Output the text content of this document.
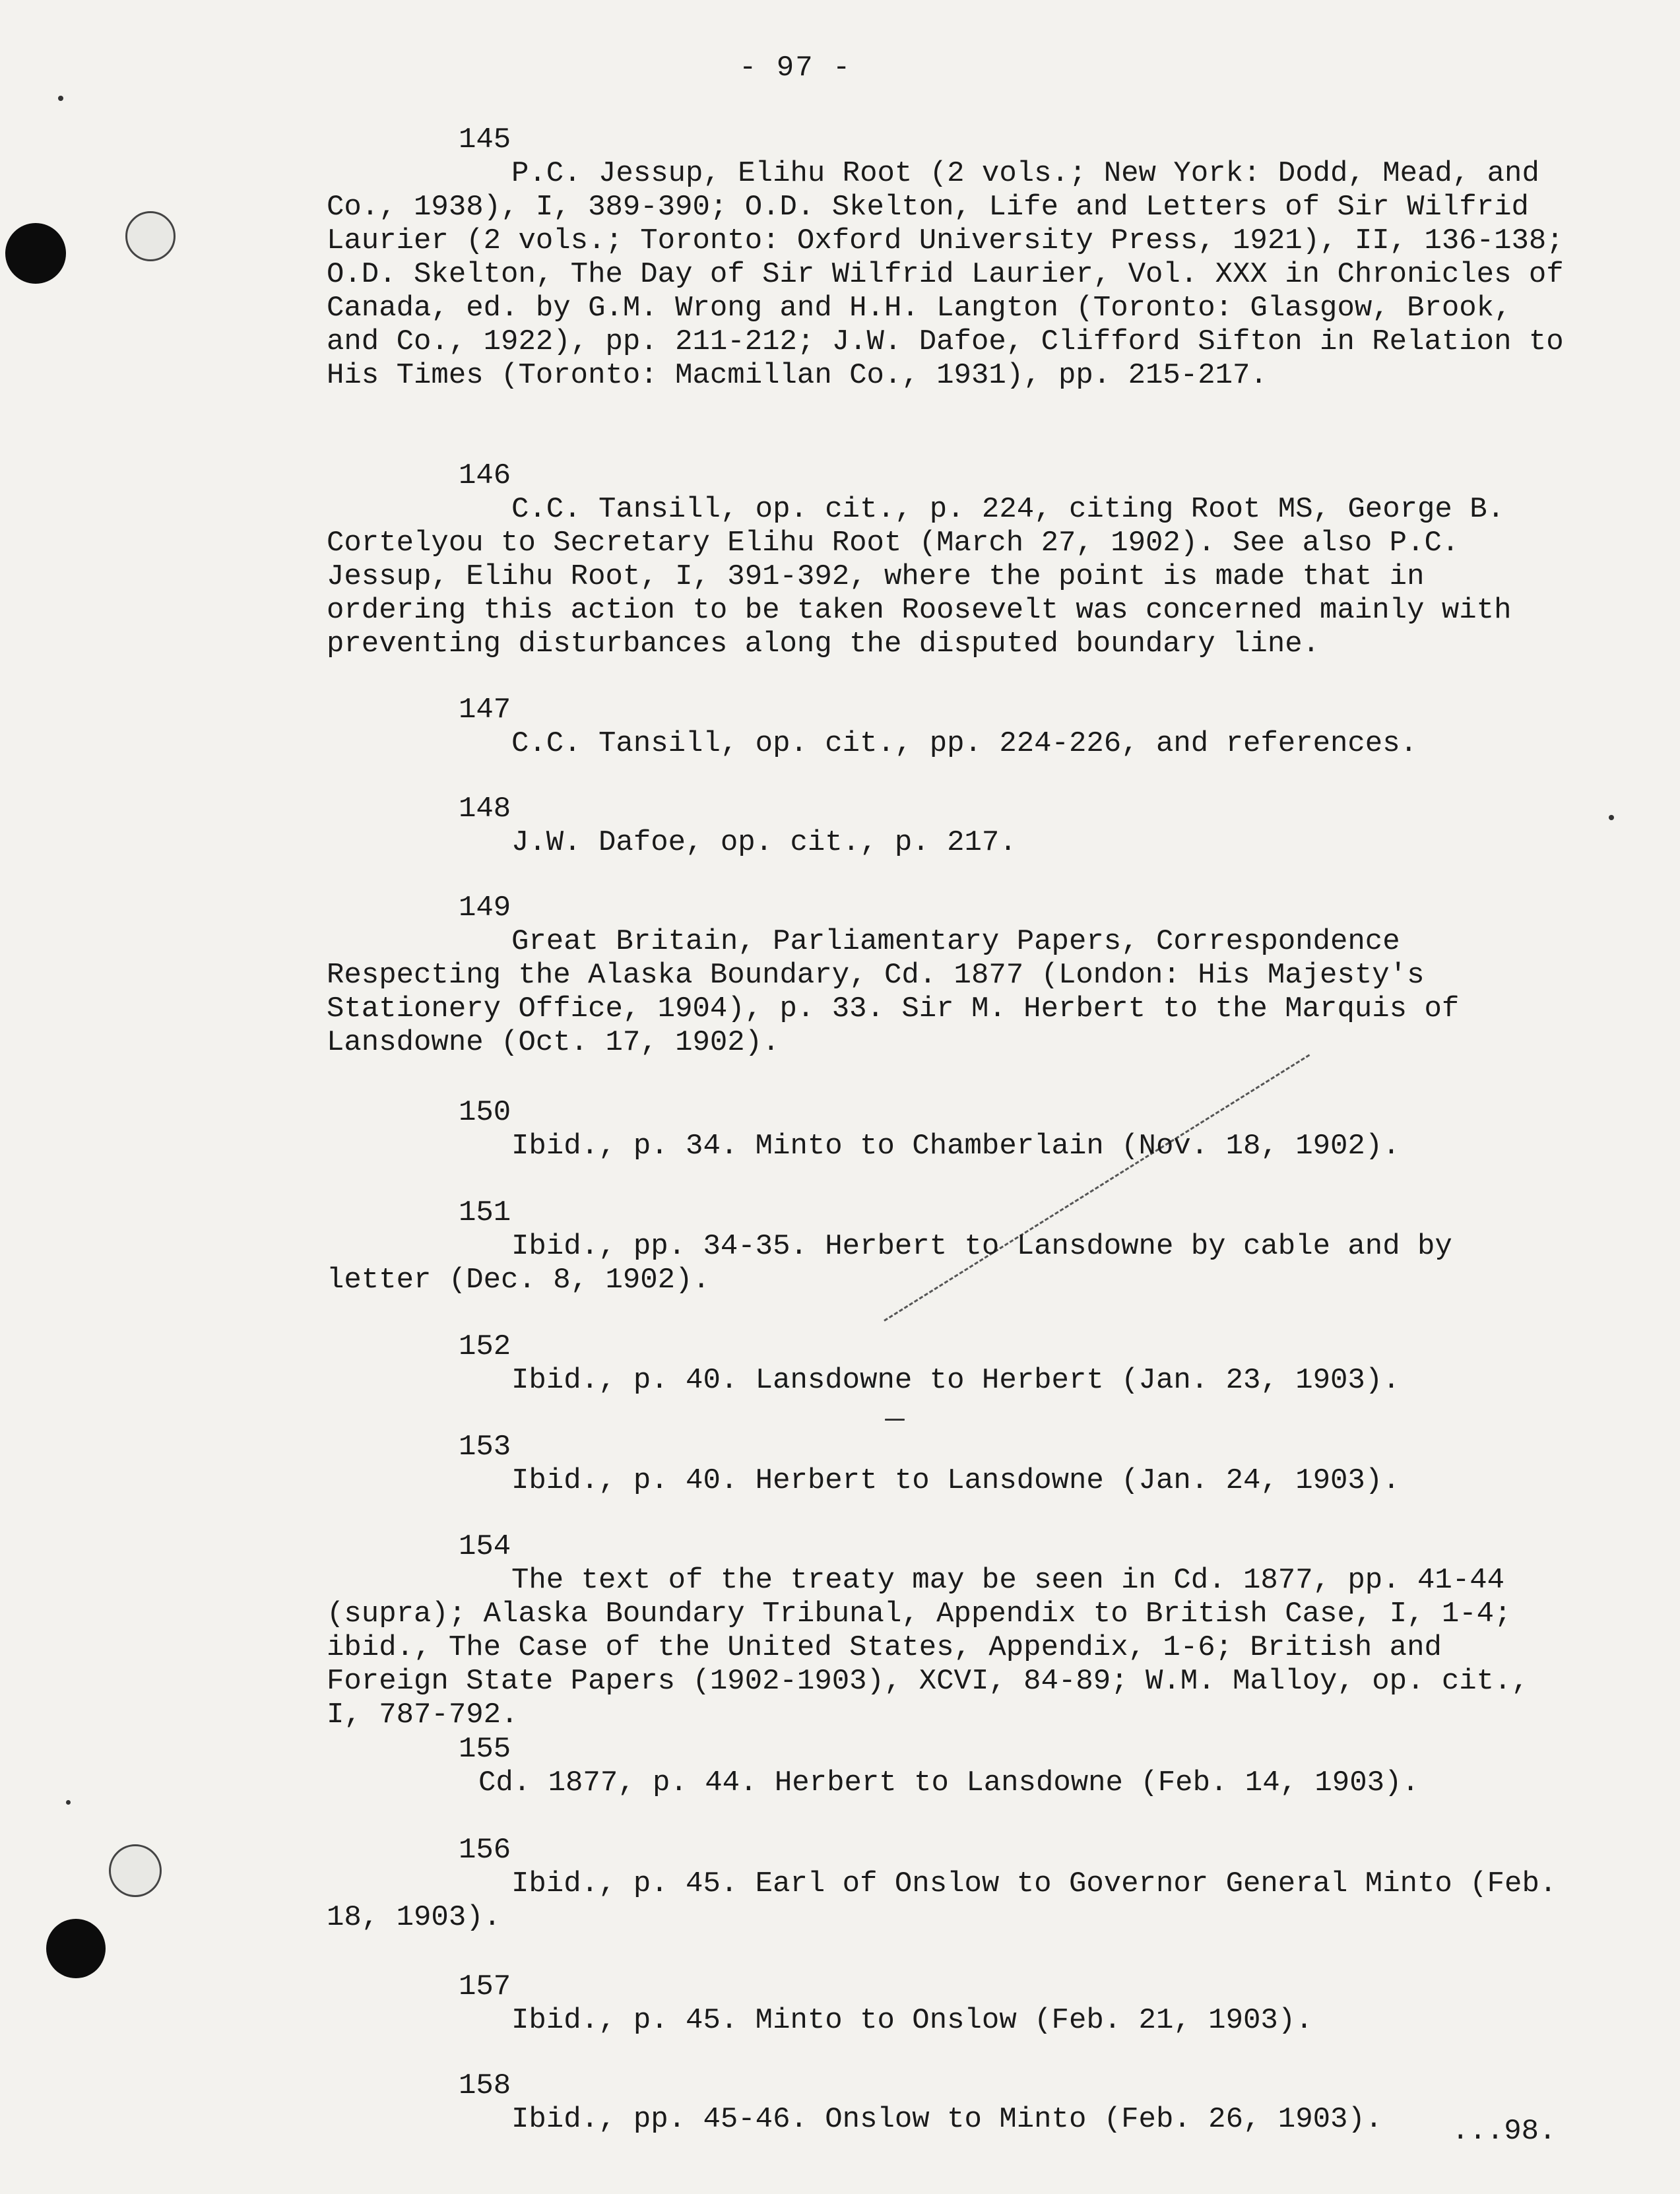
- 97 -
145
P.C. Jessup, Elihu Root (2 vols.; New York: Dodd, Mead, and Co., 1938), I, 389-390; O.D. Skelton, Life and Letters of Sir Wilfrid Laurier (2 vols.; Toronto: Oxford University Press, 1921), II, 136-138; O.D. Skelton, The Day of Sir Wilfrid Laurier, Vol. XXX in Chronicles of Canada, ed. by G.M. Wrong and H.H. Langton (Toronto: Glasgow, Brook, and Co., 1922), pp. 211-212; J.W. Dafoe, Clifford Sifton in Relation to His Times (Toronto: Macmillan Co., 1931), pp. 215-217.
146
C.C. Tansill, op. cit., p. 224, citing Root MS, George B. Cortelyou to Secretary Elihu Root (March 27, 1902). See also P.C. Jessup, Elihu Root, I, 391-392, where the point is made that in ordering this action to be taken Roosevelt was concerned mainly with preventing disturbances along the disputed boundary line.
147
C.C. Tansill, op. cit., pp. 224-226, and references.
148
J.W. Dafoe, op. cit., p. 217.
149
Great Britain, Parliamentary Papers, Correspondence Respecting the Alaska Boundary, Cd. 1877 (London: His Majesty's Stationery Office, 1904), p. 33. Sir M. Herbert to the Marquis of Lansdowne (Oct. 17, 1902).
150
Ibid., p. 34. Minto to Chamberlain (Nov. 18, 1902).
151
Ibid., pp. 34-35. Herbert to Lansdowne by cable and by letter (Dec. 8, 1902).
152
Ibid., p. 40. Lansdowne to Herbert (Jan. 23, 1903).
153
Ibid., p. 40. Herbert to Lansdowne (Jan. 24, 1903).
154
The text of the treaty may be seen in Cd. 1877, pp. 41-44 (supra); Alaska Boundary Tribunal, Appendix to British Case, I, 1-4; ibid., The Case of the United States, Appendix, 1-6; British and Foreign State Papers (1902-1903), XCVI, 84-89; W.M. Malloy, op. cit., I, 787-792.
155
Cd. 1877, p. 44. Herbert to Lansdowne (Feb. 14, 1903).
156
Ibid., p. 45. Earl of Onslow to Governor General Minto (Feb. 18, 1903).
157
Ibid., p. 45. Minto to Onslow (Feb. 21, 1903).
158
Ibid., pp. 45-46. Onslow to Minto (Feb. 26, 1903).	...98.
